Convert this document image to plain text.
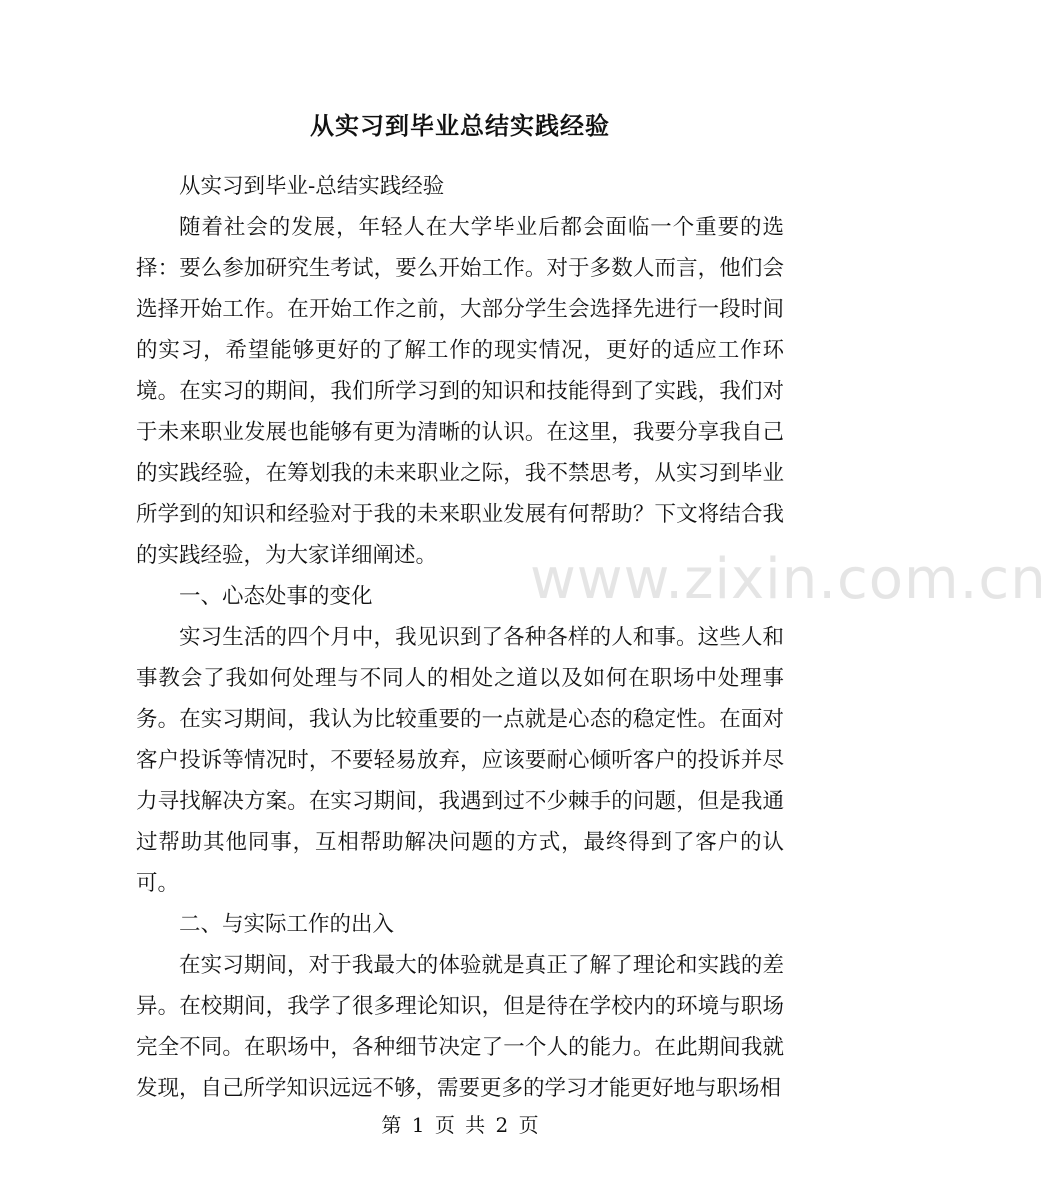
从实习到毕业总结实践经验

从实习到毕业-总结实践经验

随着社会的发展，年轻人在大学毕业后都会面临一个重要的选择：要么参加研究生考试，要么开始工作。对于多数人而言，他们会选择开始工作。在开始工作之前，大部分学生会选择先进行一段时间的实习，希望能够更好的了解工作的现实情况，更好的适应工作环境。在实习的期间，我们所学习到的知识和技能得到了实践，我们对于未来职业发展也能够有更为清晰的认识。在这里，我要分享我自己的实践经验，在筹划我的未来职业之际，我不禁思考，从实习到毕业所学到的知识和经验对于我的未来职业发展有何帮助？下文将结合我的实践经验，为大家详细阐述。

一、心态处事的变化

实习生活的四个月中，我见识到了各种各样的人和事。这些人和事教会了我如何处理与不同人的相处之道以及如何在职场中处理事务。在实习期间，我认为比较重要的一点就是心态的稳定性。在面对客户投诉等情况时，不要轻易放弃，应该要耐心倾听客户的投诉并尽力寻找解决方案。在实习期间，我遇到过不少棘手的问题，但是我通过帮助其他同事，互相帮助解决问题的方式，最终得到了客户的认可。

二、与实际工作的出入

在实习期间，对于我最大的体验就是真正了解了理论和实践的差异。在校期间，我学了很多理论知识，但是待在学校内的环境与职场完全不同。在职场中，各种细节决定了一个人的能力。在此期间我就发现，自己所学知识远远不够，需要更多的学习才能更好地与职场相

www.zixin.com.cn
第 1 页 共 2 页
